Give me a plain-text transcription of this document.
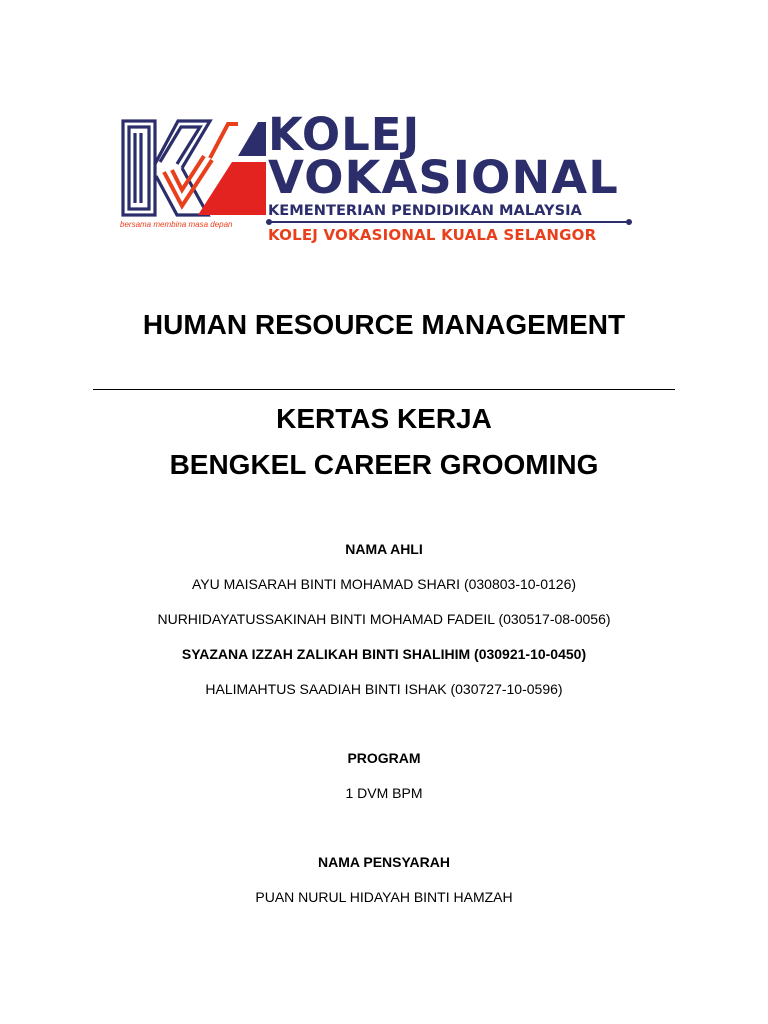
bersama membina masa depan
KOLEJ
VOKASIONAL
KEMENTERIAN PENDIDIKAN MALAYSIA
KOLEJ VOKASIONAL KUALA SELANGOR
HUMAN RESOURCE MANAGEMENT
KERTAS KERJA
BENGKEL CAREER GROOMING
NAMA AHLI
AYU MAISARAH BINTI MOHAMAD SHARI (030803-10-0126)
NURHIDAYATUSSAKINAH BINTI MOHAMAD FADEIL (030517-08-0056)
SYAZANA IZZAH ZALIKAH BINTI SHALIHIM (030921-10-0450)
HALIMAHTUS SAADIAH BINTI ISHAK (030727-10-0596)
PROGRAM
1 DVM BPM
NAMA PENSYARAH
PUAN NURUL HIDAYAH BINTI HAMZAH
